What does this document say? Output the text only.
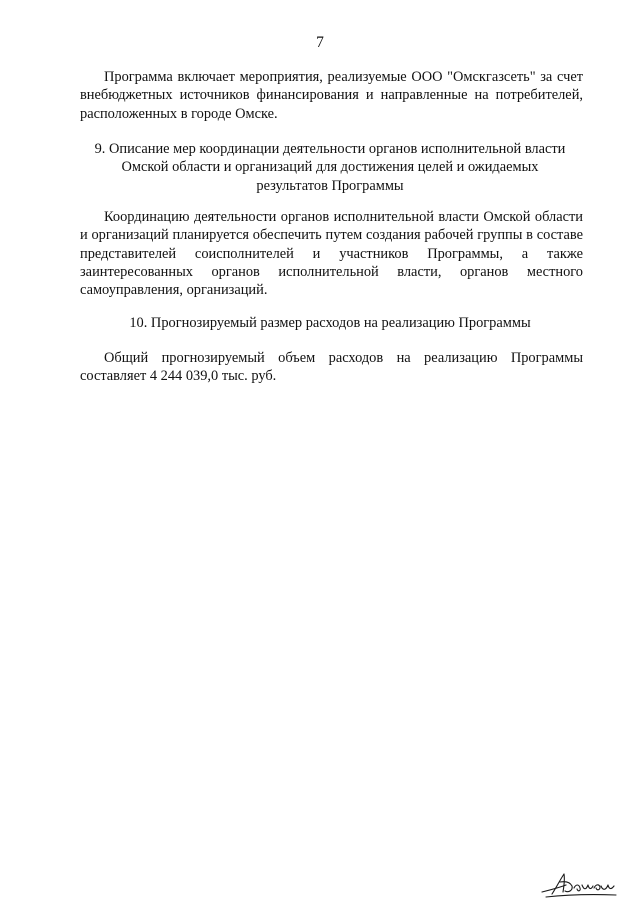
7
Программа включает мероприятия, реализуемые ООО "Омскгазсеть" за счет внебюджетных источников финансирования и направленные на потребителей, расположенных в городе Омске.
9. Описание мер координации деятельности органов исполнительной власти
Омской области и организаций для достижения целей и ожидаемых
результатов Программы
Координацию деятельности органов исполнительной власти Омской области и организаций планируется обеспечить путем создания рабочей группы в составе представителей соисполнителей и участников Программы, а также заинтересованных органов исполнительной власти, органов местного самоуправления, организаций.
10. Прогнозируемый размер расходов на реализацию Программы
Общий прогнозируемый объем расходов на реализацию Программы составляет 4 244 039,0 тыс. руб.
